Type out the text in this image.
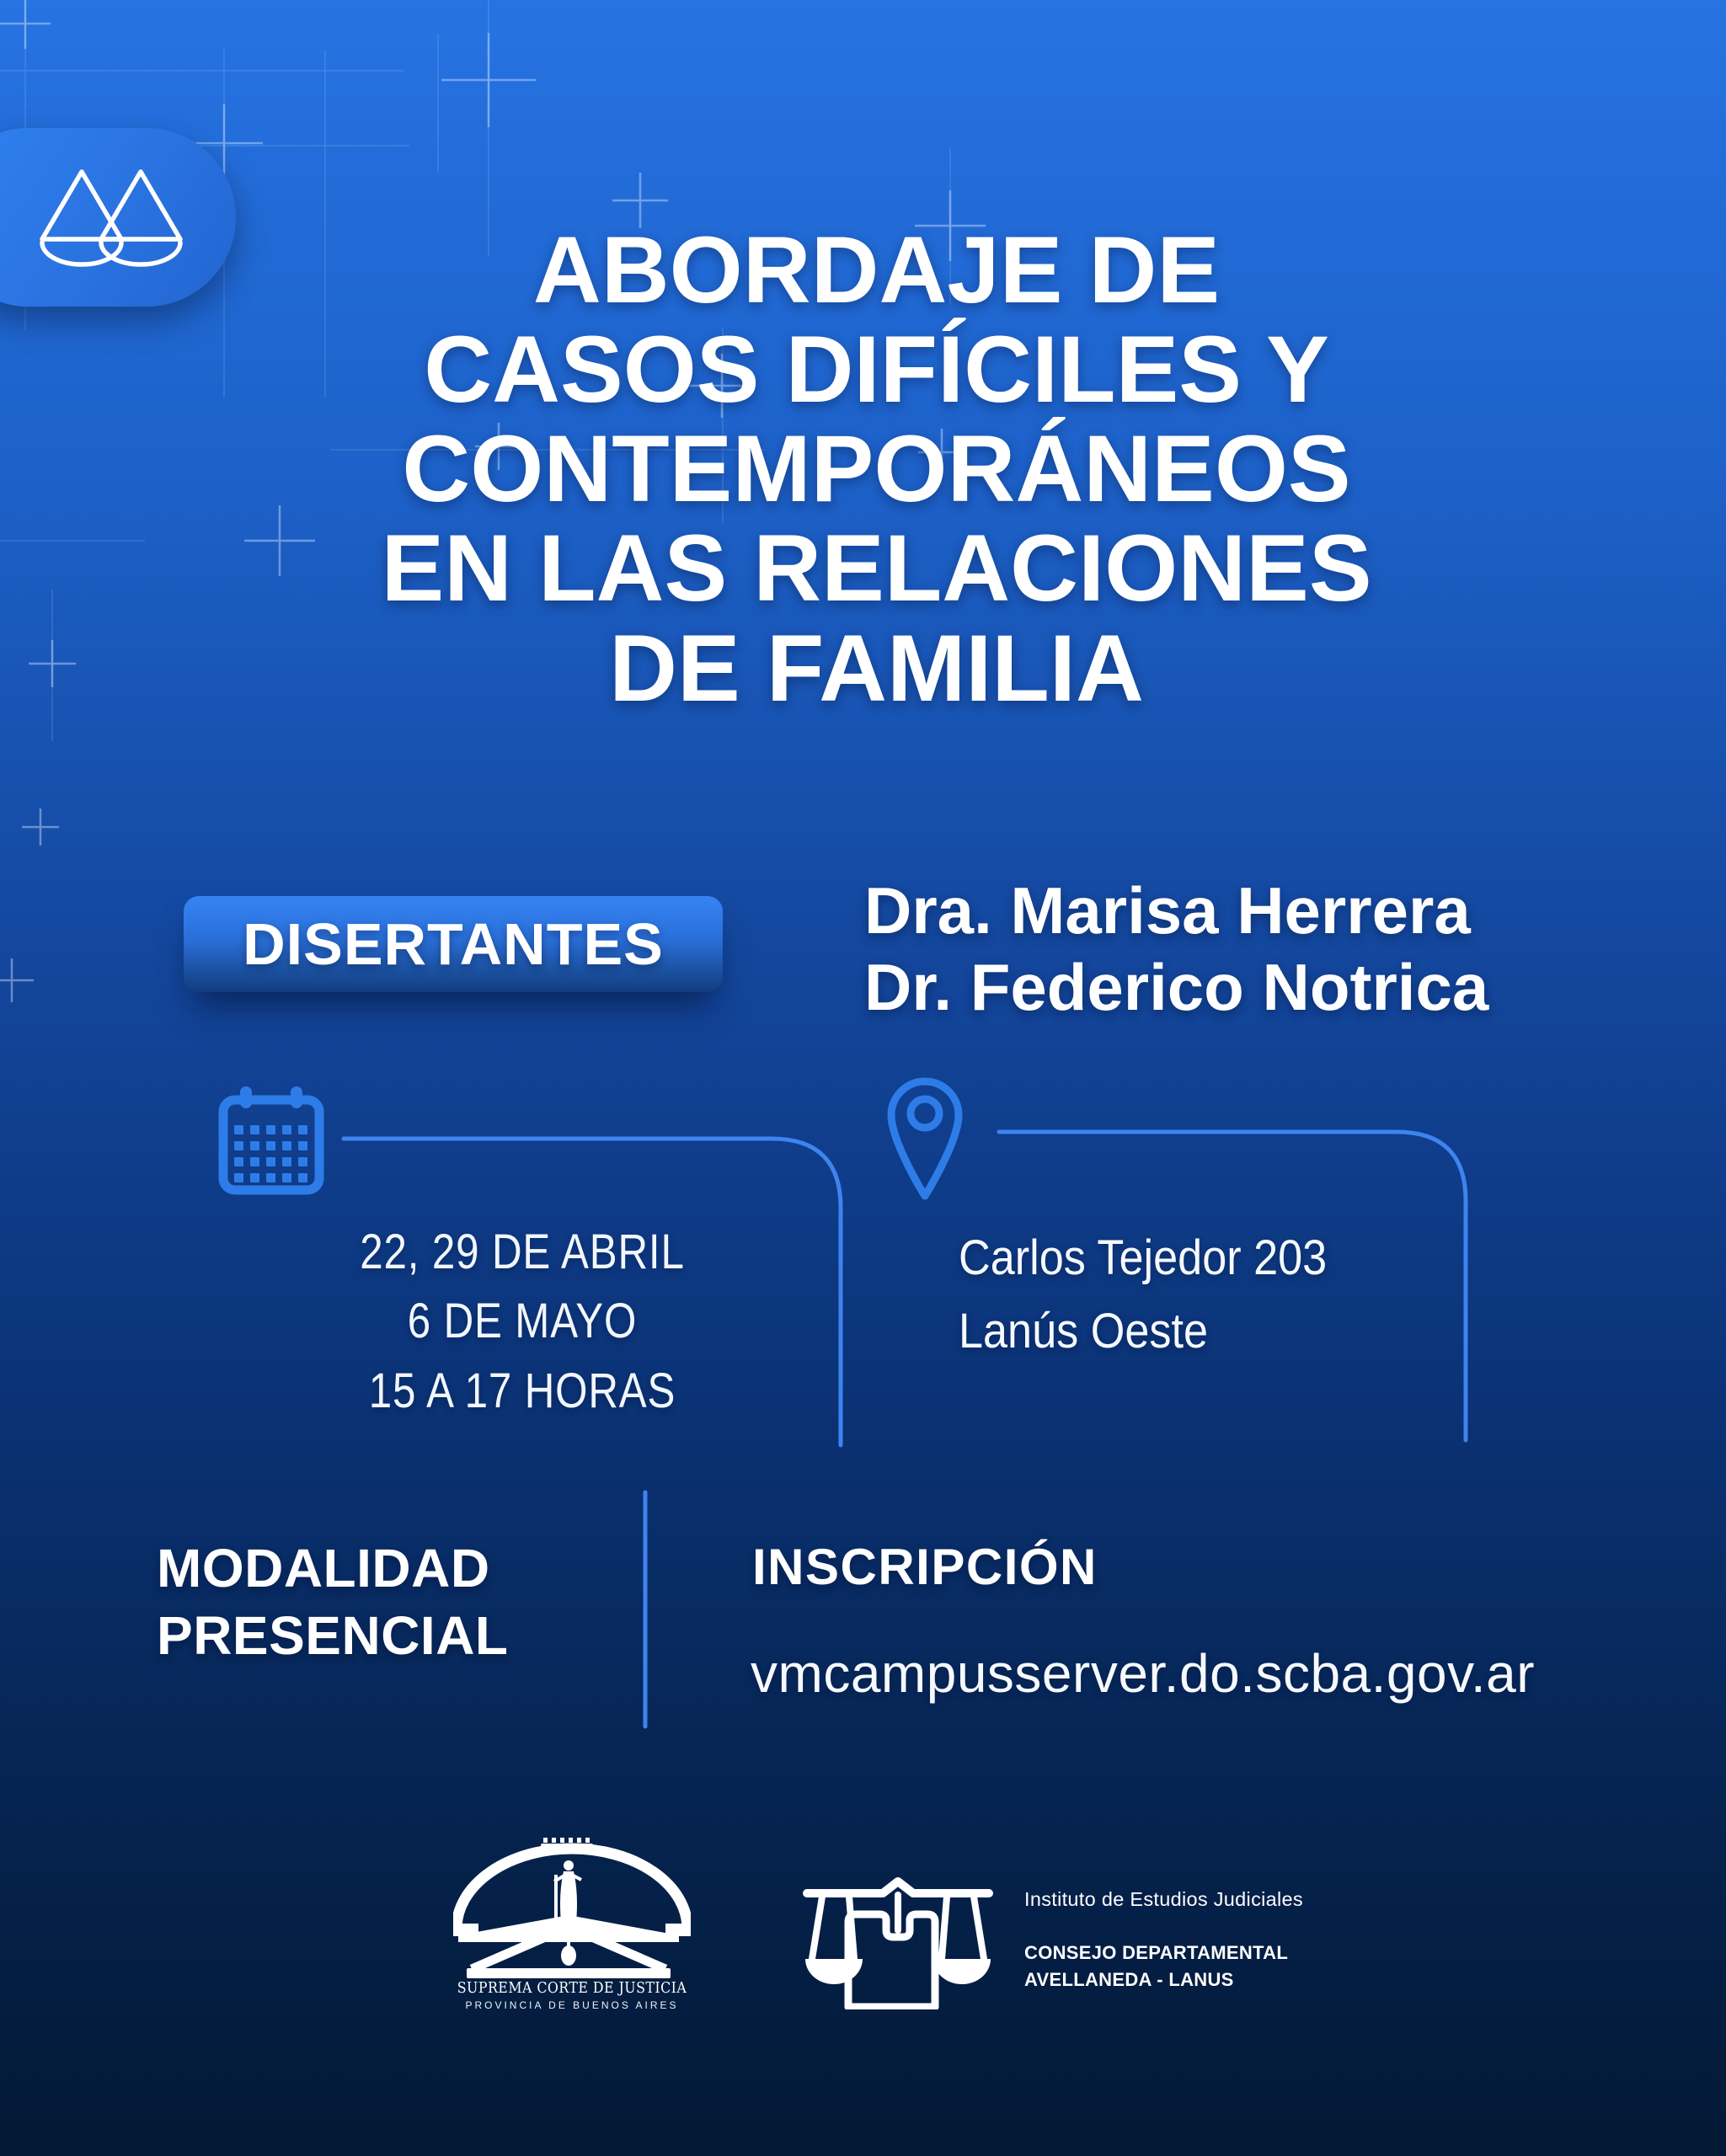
ABORDAJE DE
CASOS DIFÍCILES Y
CONTEMPORÁNEOS
EN LAS RELACIONES
DE FAMILIA
DISERTANTES	Dra. Marisa Herrera
Dr. Federico Notrica
22, 29 DE ABRIL
6 DE MAYO
15 A 17 HORAS
Carlos Tejedor 203
Lanús Oeste
MODALIDAD
PRESENCIAL
INSCRIPCIÓN
vmcampusserver.do.scba.gov.ar
SUPREMA CORTE DE JUSTICIA
PROVINCIA DE BUENOS AIRES
Instituto de Estudios Judiciales
CONSEJO DEPARTAMENTAL
AVELLANEDA - LANUS
